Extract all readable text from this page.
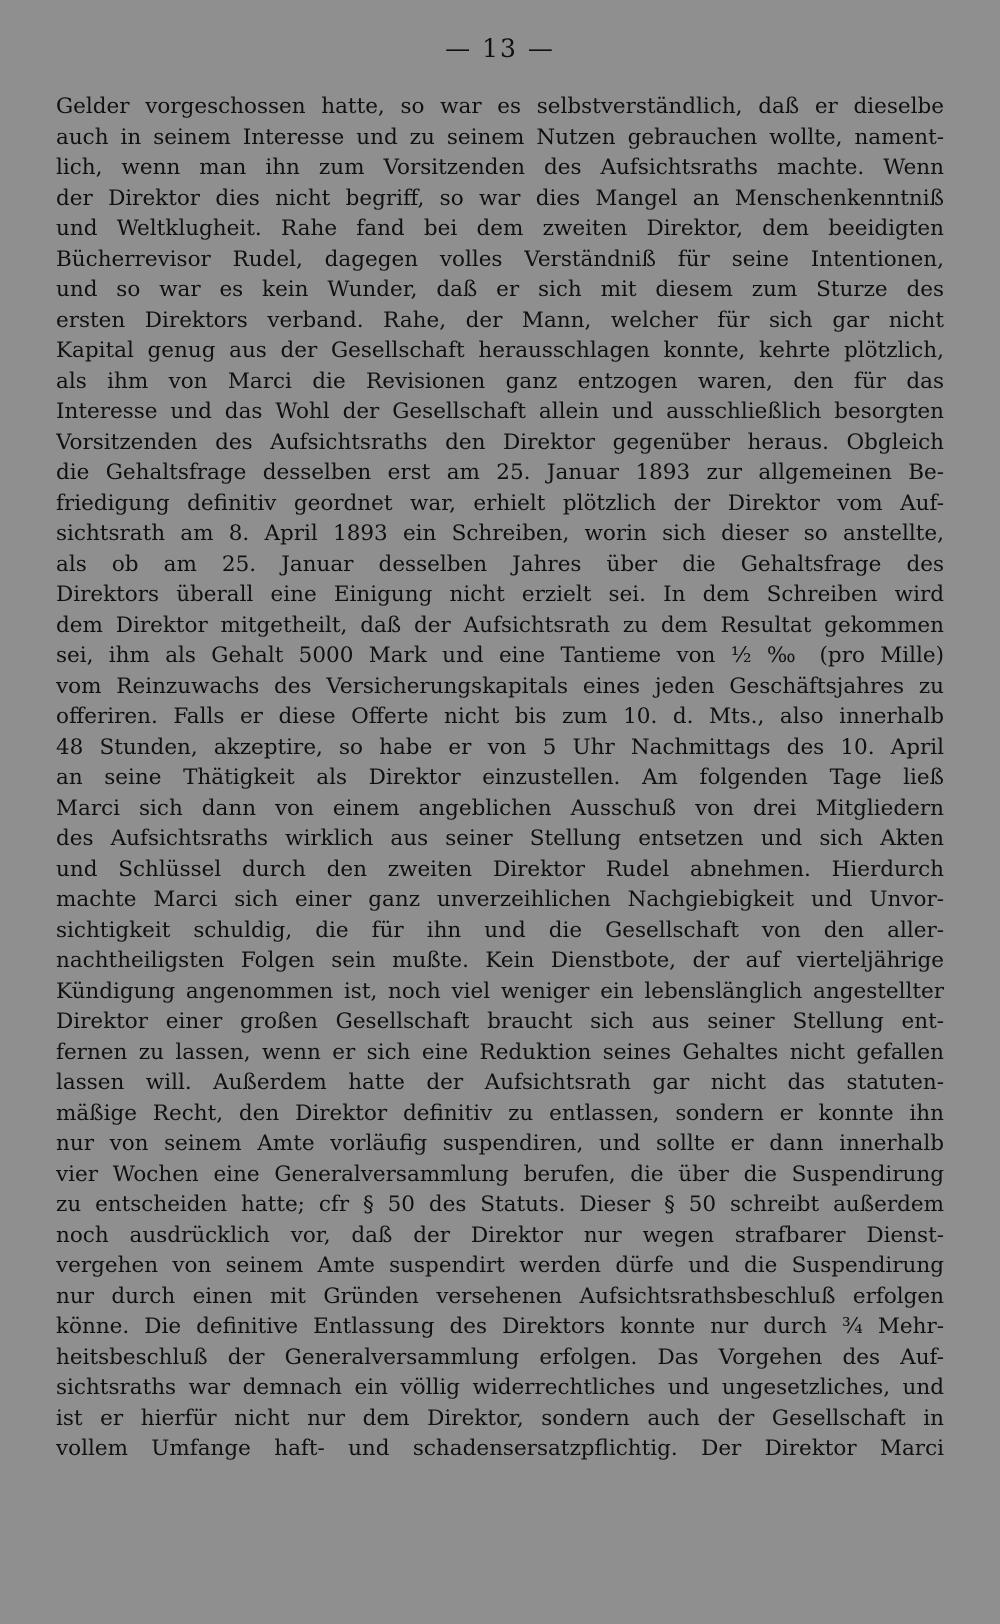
— 13 —
Gelder vorgeschossen hatte, so war es selbstverständlich, daß er dieselbe
auch in seinem Interesse und zu seinem Nutzen gebrauchen wollte, nament-
lich, wenn man ihn zum Vorsitzenden des Aufsichtsraths machte. Wenn
der Direktor dies nicht begriff, so war dies Mangel an Menschenkenntniß
und Weltklugheit. Rahe fand bei dem zweiten Direktor, dem beeidigten
Bücherrevisor Rudel, dagegen volles Verständniß für seine Intentionen,
und so war es kein Wunder, daß er sich mit diesem zum Sturze des
ersten Direktors verband. Rahe, der Mann, welcher für sich gar nicht
Kapital genug aus der Gesellschaft herausschlagen konnte, kehrte plötzlich,
als ihm von Marci die Revisionen ganz entzogen waren, den für das
Interesse und das Wohl der Gesellschaft allein und ausschließlich besorgten
Vorsitzenden des Aufsichtsraths den Direktor gegenüber heraus. Obgleich
die Gehaltsfrage desselben erst am 25. Januar 1893 zur allgemeinen Be-
friedigung definitiv geordnet war, erhielt plötzlich der Direktor vom Auf-
sichtsrath am 8. April 1893 ein Schreiben, worin sich dieser so anstellte,
als ob am 25. Januar desselben Jahres über die Gehaltsfrage des
Direktors überall eine Einigung nicht erzielt sei. In dem Schreiben wird
dem Direktor mitgetheilt, daß der Aufsichtsrath zu dem Resultat gekommen
sei, ihm als Gehalt 5000 Mark und eine Tantieme von ½ ‰ (pro Mille)
vom Reinzuwachs des Versicherungskapitals eines jeden Geschäftsjahres zu
offeriren. Falls er diese Offerte nicht bis zum 10. d. Mts., also innerhalb
48 Stunden, akzeptire, so habe er von 5 Uhr Nachmittags des 10. April
an seine Thätigkeit als Direktor einzustellen. Am folgenden Tage ließ
Marci sich dann von einem angeblichen Ausschuß von drei Mitgliedern
des Aufsichtsraths wirklich aus seiner Stellung entsetzen und sich Akten
und Schlüssel durch den zweiten Direktor Rudel abnehmen. Hierdurch
machte Marci sich einer ganz unverzeihlichen Nachgiebigkeit und Unvor-
sichtigkeit schuldig, die für ihn und die Gesellschaft von den aller-
nachtheiligsten Folgen sein mußte. Kein Dienstbote, der auf vierteljährige
Kündigung angenommen ist, noch viel weniger ein lebenslänglich angestellter
Direktor einer großen Gesellschaft braucht sich aus seiner Stellung ent-
fernen zu lassen, wenn er sich eine Reduktion seines Gehaltes nicht gefallen
lassen will. Außerdem hatte der Aufsichtsrath gar nicht das statuten-
mäßige Recht, den Direktor definitiv zu entlassen, sondern er konnte ihn
nur von seinem Amte vorläufig suspendiren, und sollte er dann innerhalb
vier Wochen eine Generalversammlung berufen, die über die Suspendirung
zu entscheiden hatte; cfr § 50 des Statuts. Dieser § 50 schreibt außerdem
noch ausdrücklich vor, daß der Direktor nur wegen strafbarer Dienst-
vergehen von seinem Amte suspendirt werden dürfe und die Suspendirung
nur durch einen mit Gründen versehenen Aufsichtsrathsbeschluß erfolgen
könne. Die definitive Entlassung des Direktors konnte nur durch ¾ Mehr-
heitsbeschluß der Generalversammlung erfolgen. Das Vorgehen des Auf-
sichtsraths war demnach ein völlig widerrechtliches und ungesetzliches, und
ist er hierfür nicht nur dem Direktor, sondern auch der Gesellschaft in
vollem Umfange haft- und schadensersatzpflichtig. Der Direktor Marci
